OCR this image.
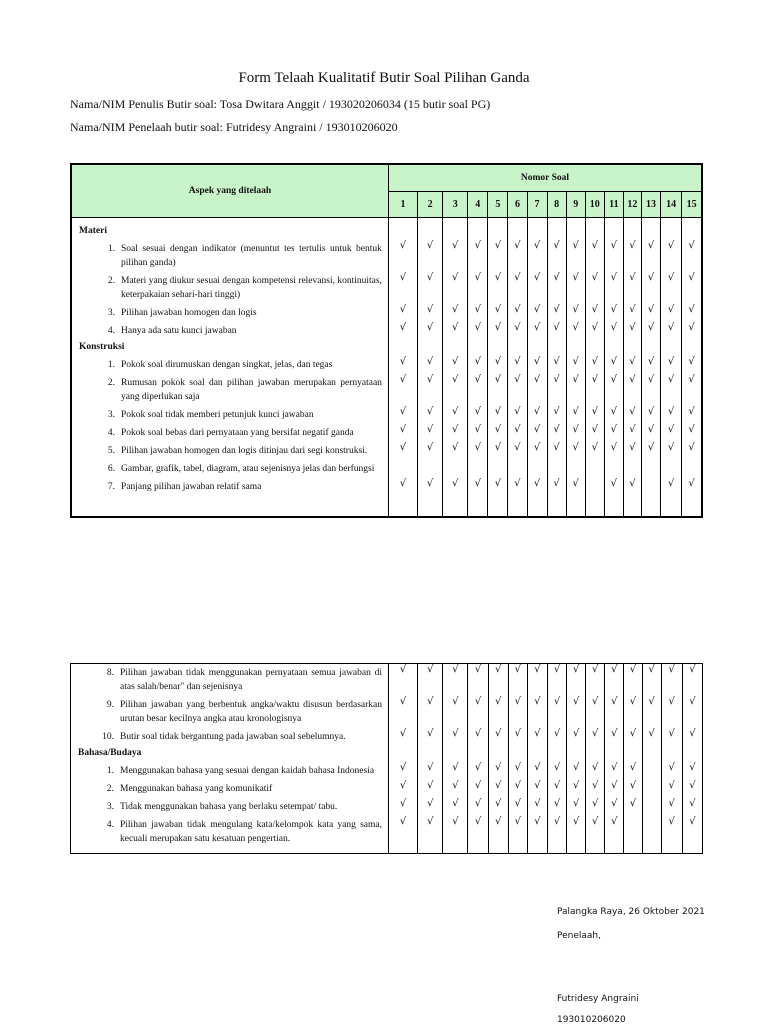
Form Telaah Kualitatif Butir Soal Pilihan Ganda
Nama/NIM Penulis Butir soal: Tosa Dwitara Anggit / 193020206034 (15 butir soal PG)
Nama/NIM Penelaah butir soal: Futridesy Angraini / 193010206020
Aspek yang ditelaah	Nomor Soal														
	1	2	3	4	5	6	7	8	9	10	11	12	13	14	15

Materi															

1. Soal sesuai dengan indikator (menuntut tes tertulis untuk bentuk pilihan ganda)	√	√	√	√	√	√	√	√	√	√	√	√	√	√	√

2. Materi yang diukur sesuai dengan kompetensi relevansi, kontinuitas, keterpakaian sehari-hari tinggi)	√	√	√	√	√	√	√	√	√	√	√	√	√	√	√

3. Pilihan jawaban homogen dan logis	√	√	√	√	√	√	√	√	√	√	√	√	√	√	√

4. Hanya ada satu kunci jawaban	√	√	√	√	√	√	√	√	√	√	√	√	√	√	√
Konstruksi															

1. Pokok soal dirumuskan dengan singkat, jelas, dan tegas	√	√	√	√	√	√	√	√	√	√	√	√	√	√	√

2. Rumusan pokok soal dan pilihan jawaban merupakan pernyataan yang diperlukan saja	√	√	√	√	√	√	√	√	√	√	√	√	√	√	√

3. Pokok soal tidak memberi petunjuk kunci jawaban	√	√	√	√	√	√	√	√	√	√	√	√	√	√	√

4. Pokok soal bebas dari pernyataan yang bersifat negatif ganda	√	√	√	√	√	√	√	√	√	√	√	√	√	√	√

5. Pilihan jawaban homogen dan logis ditinjau dari segi konstruksi.	√	√	√	√	√	√	√	√	√	√	√	√	√	√	√

6. Gambar, grafik, tabel, diagram, atau sejenisnya jelas dan berfungsi															

7. Panjang pilihan jawaban relatif sama	√	√	√	√	√	√	√	√	√		√	√		√	√

8. Pilihan jawaban tidak menggunakan pernyataan semua jawaban di atas salah/benar" dan sejenisnya	√	√	√	√	√	√	√	√	√	√	√	√	√	√	√

9. Pilihan jawaban yang berbentuk angka/waktu disusun berdasarkan urutan besar kecilnya angka atau kronologisnya	√	√	√	√	√	√	√	√	√	√	√	√	√	√	√

10. Butir soal tidak bergantung pada jawaban soal sebelumnya.	√	√	√	√	√	√	√	√	√	√	√	√	√	√	√
Bahasa/Budaya															

1. Menggunakan bahasa yang sesuai dengan kaidah bahasa Indonesia	√	√	√	√	√	√	√	√	√	√	√	√		√	√

2. Menggunakan bahasa yang komunikatif	√	√	√	√	√	√	√	√	√	√	√	√		√	√

3. Tidak menggunakan bahasa yang berlaku setempat/ tabu.	√	√	√	√	√	√	√	√	√	√	√	√		√	√

4. Pilihan jawaban tidak mengulang kata/kelompok kata yang sama, kecuali merupakan satu kesatuan pengertian.	√	√	√	√	√	√	√	√	√	√	√			√	√

Palangka Raya, 26 Oktober 2021
Penelaah,
Futridesy Angraini
193010206020
